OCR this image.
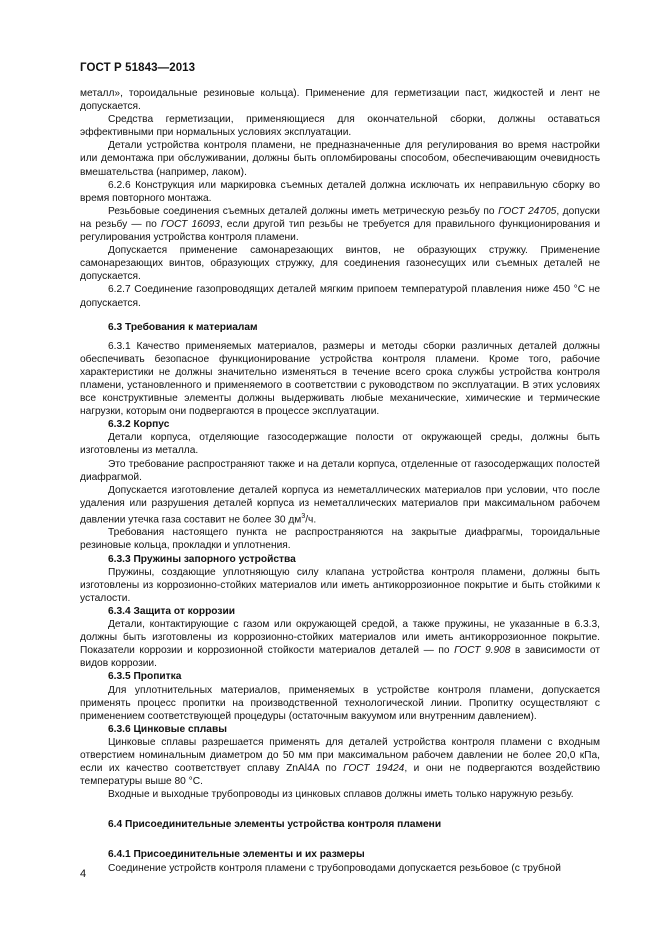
ГОСТ Р 51843—2013

металл», тороидальные резиновые кольца). Применение для герметизации паст, жидкостей и лент не допускается.

Средства герметизации, применяющиеся для окончательной сборки, должны оставаться эффективными при нормальных условиях эксплуатации.

Детали устройства контроля пламени, не предназначенные для регулирования во время настройки или демонтажа при обслуживании, должны быть опломбированы способом, обеспечивающим очевидность вмешательства (например, лаком).

6.2.6 Конструкция или маркировка съемных деталей должна исключать их неправильную сборку во время повторного монтажа.

Резьбовые соединения съемных деталей должны иметь метрическую резьбу по ГОСТ 24705, допуски на резьбу — по ГОСТ 16093, если другой тип резьбы не требуется для правильного функционирования и регулирования устройства контроля пламени.

Допускается применение самонарезающих винтов, не образующих стружку. Применение самонарезающих винтов, образующих стружку, для соединения газонесущих или съемных деталей не допускается.

6.2.7 Соединение газопроводящих деталей мягким припоем температурой плавления ниже 450 °С не допускается.

6.3 Требования к материалам

6.3.1 Качество применяемых материалов, размеры и методы сборки различных деталей должны обеспечивать безопасное функционирование устройства контроля пламени. Кроме того, рабочие характеристики не должны значительно изменяться в течение всего срока службы устройства контроля пламени, установленного и применяемого в соответствии с руководством по эксплуатации. В этих условиях все конструктивные элементы должны выдерживать любые механические, химические и термические нагрузки, которым они подвергаются в процессе эксплуатации.

6.3.2 Корпус

Детали корпуса, отделяющие газосодержащие полости от окружающей среды, должны быть изготовлены из металла.

Это требование распространяют также и на детали корпуса, отделенные от газосодержащих полостей диафрагмой.

Допускается изготовление деталей корпуса из неметаллических материалов при условии, что после удаления или разрушения деталей корпуса из неметаллических материалов при максимальном рабочем давлении утечка газа составит не более 30 $дм^3/ч$.

Требования настоящего пункта не распространяются на закрытые диафрагмы, тороидальные резиновые кольца, прокладки и уплотнения.

6.3.3 Пружины запорного устройства

Пружины, создающие уплотняющую силу клапана устройства контроля пламени, должны быть изготовлены из коррозионно-стойких материалов или иметь антикоррозионное покрытие и быть стойкими к усталости.

6.3.4 Защита от коррозии

Детали, контактирующие с газом или окружающей средой, а также пружины, не указанные в 6.3.3, должны быть изготовлены из коррозионно-стойких материалов или иметь антикоррозионное покрытие. Показатели коррозии и коррозионной стойкости материалов деталей — по ГОСТ 9.908 в зависимости от видов коррозии.

6.3.5 Пропитка

Для уплотнительных материалов, применяемых в устройстве контроля пламени, допускается применять процесс пропитки на производственной технологической линии. Пропитку осуществляют с применением соответствующей процедуры (остаточным вакуумом или внутренним давлением).

6.3.6 Цинковые сплавы

Цинковые сплавы разрешается применять для деталей устройства контроля пламени с входным отверстием номинальным диаметром до 50 мм при максимальном рабочем давлении не более 20,0 кПа, если их качество соответствует сплаву ZnAl4A по ГОСТ 19424, и они не подвергаются воздействию температуры выше 80 °С.

Входные и выходные трубопроводы из цинковых сплавов должны иметь только наружную резьбу.

6.4 Присоединительные элементы устройства контроля пламени

6.4.1 Присоединительные элементы и их размеры

Соединение устройств контроля пламени с трубопроводами допускается резьбовое (с трубной

4
